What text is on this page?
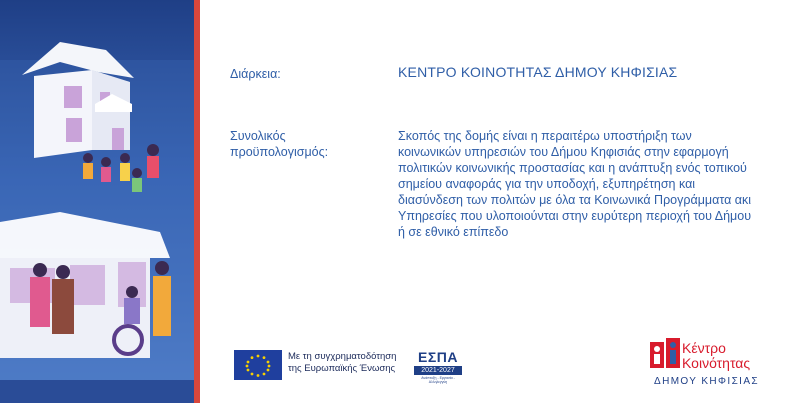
Διάρκεια:	ΚΕΝΤΡΟ ΚΟΙΝΟΤΗΤΑΣ ΔΗΜΟΥ ΚΗΦΙΣΙΑΣ
Συνολικός
προϋπολογισμός:
Σκοπός της δομής είναι η περαιτέρω υποστήριξη των
κοινωνικών υπηρεσιών του Δήμου Κηφισιάς στην εφαρμογή
πολιτικών κοινωνικής προστασίας και η ανάπτυξη ενός τοπικού
σημείου αναφοράς για την υποδοχή, εξυπηρέτηση και
διασύνδεση των πολιτών με όλα τα Κοινωνικά Προγράμματα ακι
Υπηρεσίες που υλοποιούνται στην ευρύτερη περιοχή του Δήμου
ή σε εθνικό επίπεδο
Με τη συγχρηματοδότηση
της Ευρωπαϊκής Ένωσης
ΕΣΠΑ
2021-2027
Ανάπτυξη - Εργασία - Αλληλεγγύη
Κέντρο
Κοινότητας
ΔΗΜΟΥ ΚΗΦΙΣΙΑΣ
